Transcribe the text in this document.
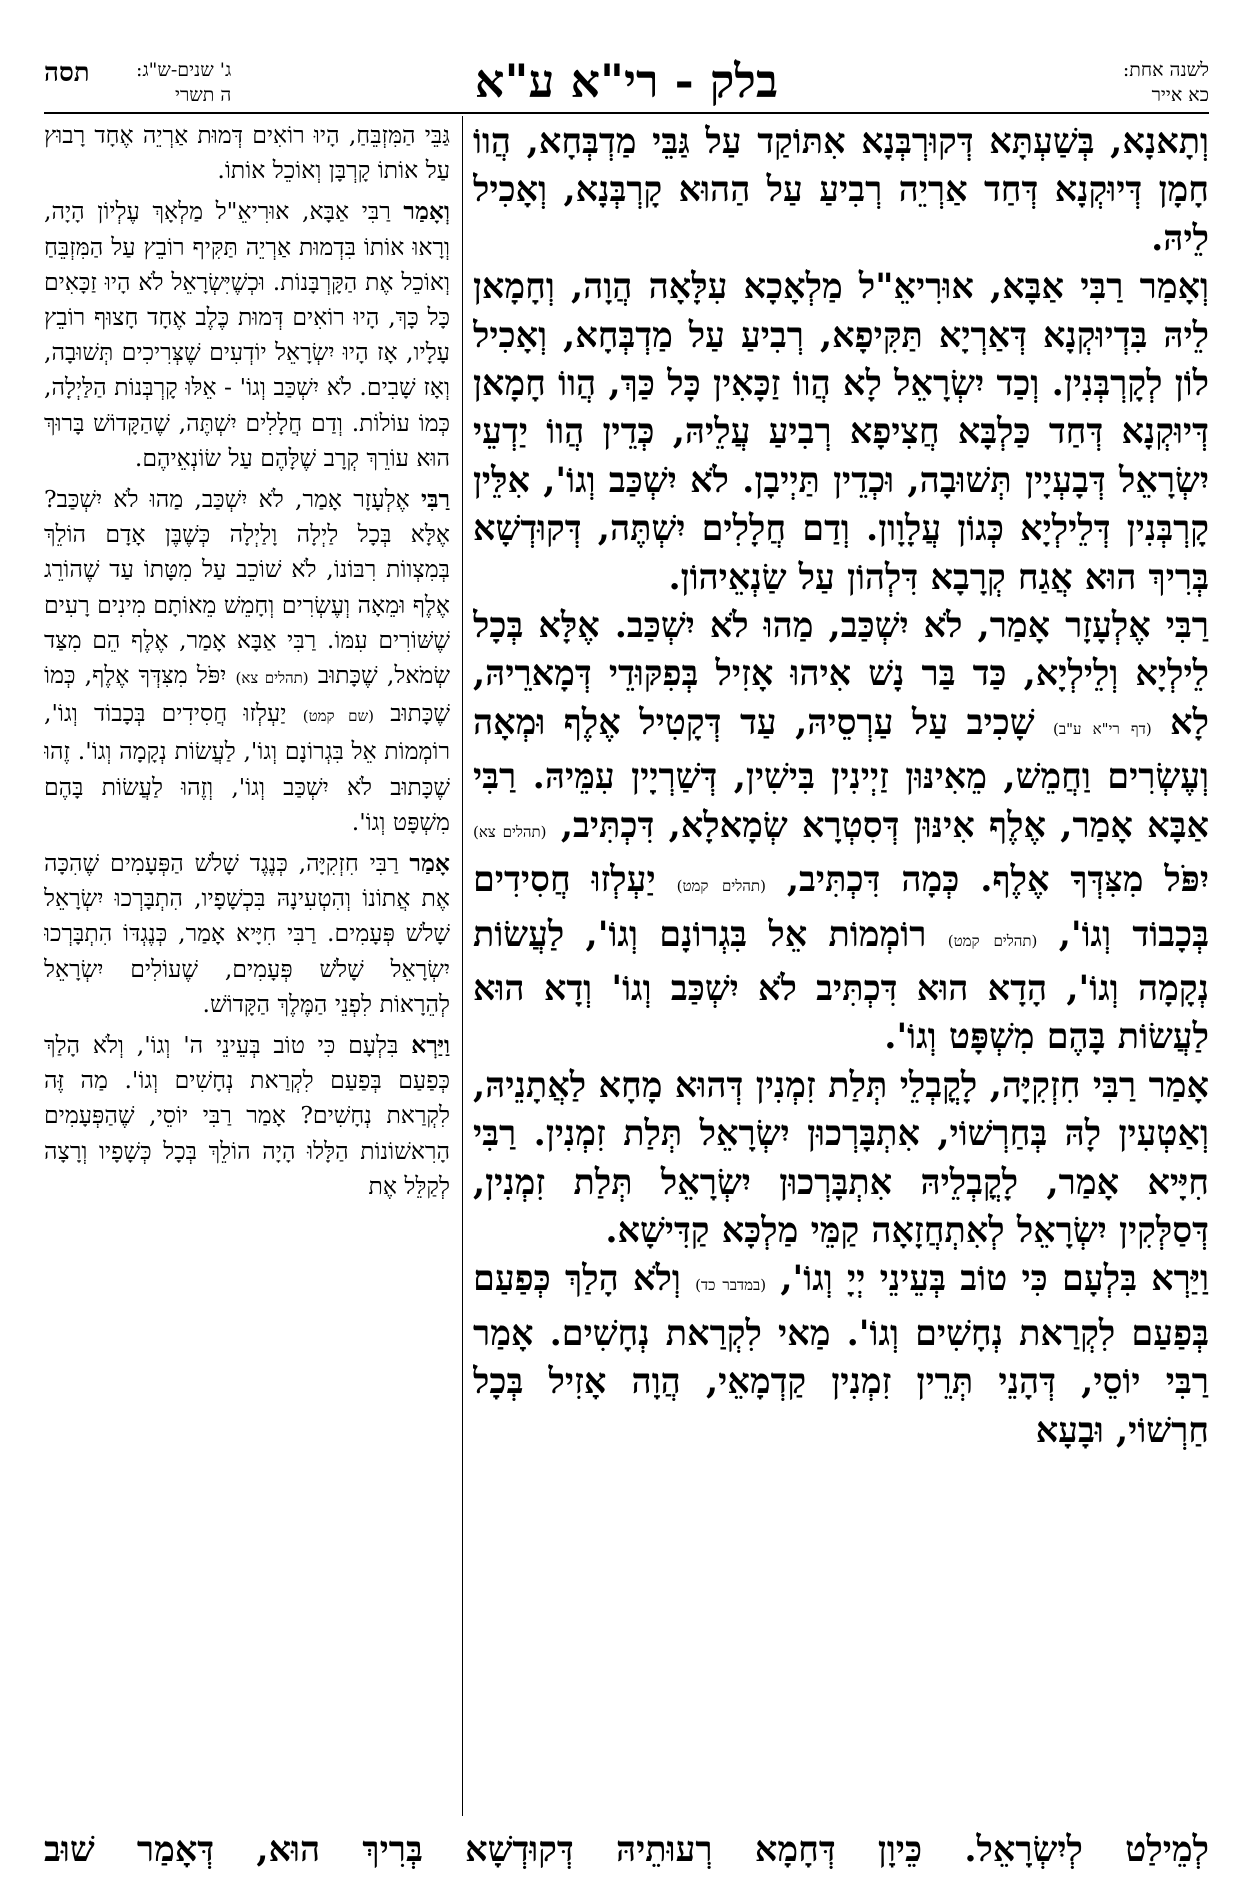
לשנה אחת:
כא אייר
בלק - רי"א ע"א
ג' שנים-ש"ג:
ה תשרי
תסה

וְתָאנָא, בְּשַׁעְתָּא דְּקוּרְבְּנָא אִתּוֹקַד עַל גַּבֵּי מַדְבְּחָא, הֲווֹ חָמָן דְּיוּקְנָא דְּחַד אַרְיֵה רְבִיעַ עַל הַהוּא קָרְבְּנָא, וְאָכִיל לֵיהּ.

וְאָמַר רַבִּי אַבָּא, אוּרִיאֵ"ל מַלְאָכָא עִלָּאָה הֲוָה, וְחָמָאן לֵיהּ בִּדְיוּקְנָא דְּאַרְיָא תַּקִּיפָא, רְבִיעַ עַל מַדְבְּחָא, וְאָכִיל לוֹן לְקָרְבְּנִין. וְכַד יִשְׂרָאֵל לָא הֲווֹ זַכָּאִין כָּל כַּךְ, הֲווֹ חָמָאן דְּיוּקְנָא דְּחַד כַּלְבָּא חֲצִיפָא רְבִיעַ עֲלֵיהּ, כְּדֵין הֲווֹ יַדְעֵי יִשְׂרָאֵל דְּבָעְיָין תְּשׁוּבָה, וּכְדֵין תַּיְיבָן. לֹא יִשְׁכַּב וְגוֹ', אִלֵּין קָרְבְּנִין דְּלֵילְיָא כְּגוֹן עֲלָוָון. וְדַם חֲלָלִים יִשְׁתֶּה, דְּקוּדְשָׁא בְּרִיךְ הוּא אֲגַח קְרָבָא דִּלְהוֹן עַל שַׂנְאֵיהוֹן.

רַבִּי אֶלְעָזָר אָמַר, לֹא יִשְׁכַּב, מַהוּ לֹא יִשְׁכַּב. אֶלָּא בְּכָל לֵילְיָא וְלֵילְיָא, כַּד בַּר נָשׁ אִיהוּ אָזִיל בְּפִקּוּדֵי דְּמָארֵיהּ, לָא (דף רי"א ע"ב) שָׁכִיב עַל עַרְסֵיהּ, עַד דְּקָטִיל אֶלֶף וּמְאָה וְעֶשְׂרִים וַחֲמֵשׁ, מֵאִינּוּן זַיְינִין בִּישִׁין, דְּשַׁרְיָין עִמֵּיהּ. רַבִּי אַבָּא אָמַר, אֶלֶף אִינּוּן דְּסִטְרָא שְׂמָאלָא, דִּכְתִּיב, (תהלים צא) יִפֹּל מִצִּדְּךָ אֶלֶף. כְּמָה דִּכְתִּיב, (תהלים קמט) יַעְלְזוּ חֲסִידִים בְּכָבוֹד וְגוֹ', (תהלים קמט) רוֹמְמוֹת אֵל בִּגְרוֹנָם וְגוֹ', לַעֲשׂוֹת נְקָמָה וְגוֹ', הָדָא הוּא דִּכְתִּיב לֹא יִשְׁכַּב וְגוֹ' וְדָא הוּא לַעֲשׂוֹת בָּהֶם מִשְׁפָּט וְגוֹ'.

אָמַר רַבִּי חִזְקִיָּה, לָקֳבְלֵי תְּלַת זִמְנִין דְּהוּא מָחָא לַאֲתָנֵיהּ, וְאַטְעִין לָהּ בְּחַרְשׁוֹי, אִתְבָּרְכוּן יִשְׂרָאֵל תְּלַת זִמְנִין. רַבִּי חִיָּיא אָמַר, לָקֳבְלֵיהּ אִתְבָּרְכוּן יִשְׂרָאֵל תְּלַת זִמְנִין, דְּסַלְּקִין יִשְׂרָאֵל לְאִתְחֲזָאָה קַמֵּי מַלְכָּא קַדִּישָׁא.

וַיַּרְא בִּלְעָם כִּי טוֹב בְּעֵינֵי יְיָ וְגוֹ', (במדבר כד) וְלֹא הָלַךְ כְּפַעַם בְּפַעַם לִקְרַאת נְחָשִׁים וְגוֹ'. מַאי לִקְרַאת נְחָשִׁים. אָמַר רַבִּי יוֹסֵי, דְּהָנֵי תְּרֵין זִמְנִין קַדְמָאֵי, הֲוָה אָזִיל בְּכָל חַרְשׁוֹי, וּבָעָא

גַּבֵּי הַמִּזְבֵּחַ, הָיוּ רוֹאִים דְּמוּת אַרְיֵה אֶחָד רָבוּץ עַל אוֹתוֹ קָרְבָּן וְאוֹכֵל אוֹתוֹ.

וְאָמַר רַבִּי אַבָּא, אוּרִיאֵ"ל מַלְאָךְ עֶלְיוֹן הָיָה, וְרָאוּ אוֹתוֹ בִּדְמוּת אַרְיֵה תַּקִּיף רוֹבֵץ עַל הַמִּזְבֵּחַ וְאוֹכֵל אֶת הַקָּרְבָּנוֹת. וּכְשֶׁיִּשְׂרָאֵל לֹא הָיוּ זַכָּאִים כָּל כָּךְ, הָיוּ רוֹאִים דְּמוּת כֶּלֶב אֶחָד חָצוּף רוֹבֵץ עָלָיו, אָז הָיוּ יִשְׂרָאֵל יוֹדְעִים שֶׁצְּרִיכִים תְּשׁוּבָה, וְאָז שָׁבִים. לֹא יִשְׁכַּב וְגוֹ' - אֵלּוּ קָרְבְּנוֹת הַלַּיְלָה, כְּמוֹ עוֹלוֹת. וְדַם חֲלָלִים יִשְׁתֶּה, שֶׁהַקָּדוֹשׁ בָּרוּךְ הוּא עוֹרֵךְ קְרָב שֶׁלָּהֶם עַל שׂוֹנְאֵיהֶם.

רַבִּי אֶלְעָזָר אָמַר, לֹא יִשְׁכַּב, מַהוּ לֹא יִשְׁכַּב? אֶלָּא בְּכָל לַיְלָה וָלַיְלָה כְּשֶׁבֶּן אָדָם הוֹלֵךְ בְּמִצְווֹת רִבּוֹנוֹ, לֹא שׁוֹכֵב עַל מִטָּתוֹ עַד שֶׁהוֹרֵג אֶלֶף וּמֵאָה וְעֶשְׂרִים וְחָמֵשׁ מֵאוֹתָם מִינִים רָעִים שֶׁשּׁוֹרִים עִמּוֹ. רַבִּי אַבָּא אָמַר, אֶלֶף הֵם מִצַּד שְׂמֹאל, שֶׁכָּתוּב (תהלים צא) יִפֹּל מִצִּדְּךָ אֶלֶף, כְּמוֹ שֶׁכָּתוּב (שם קמט) יַעְלְזוּ חֲסִידִים בְּכָבוֹד וְגוֹ', רוֹמְמוֹת אֵל בִּגְרוֹנָם וְגוֹ', לַעֲשׂוֹת נְקָמָה וְגוֹ'. זֶהוּ שֶׁכָּתוּב לֹא יִשְׁכַּב וְגוֹ', וְזֶהוּ לַעֲשׂוֹת בָּהֶם מִשְׁפָּט וְגוֹ'.

אָמַר רַבִּי חִזְקִיָּה, כְּנֶגֶד שָׁלֹשׁ הַפְּעָמִים שֶׁהִכָּה אֶת אֲתוֹנוֹ וְהִטְעִינָהּ בִּכְשָׁפָיו, הִתְבָּרְכוּ יִשְׂרָאֵל שָׁלֹשׁ פְּעָמִים. רַבִּי חִיָּיא אָמַר, כְּנֶגְדּוֹ הִתְבָּרְכוּ יִשְׂרָאֵל שָׁלֹשׁ פְּעָמִים, שֶׁעוֹלִים יִשְׂרָאֵל לְהֵרָאוֹת לִפְנֵי הַמֶּלֶךְ הַקָּדוֹשׁ.

וַיַּרְא בִּלְעָם כִּי טוֹב בְּעֵינֵי ה' וְגוֹ', וְלֹא הָלַךְ כְּפַעַם בְּפַעַם לִקְרַאת נְחָשִׁים וְגוֹ'. מַה זֶּה לִקְרַאת נְחָשִׁים? אָמַר רַבִּי יוֹסֵי, שֶׁהַפְּעָמִים הָרִאשׁוֹנוֹת הַלָּלוּ הָיָה הוֹלֵךְ בְּכָל כְּשָׁפָיו וְרָצָה לְקַלֵּל אֶת

לְמֵילַט לְיִשְׂרָאֵל. כֵּיוָן דְּחָמָא רְעוּתֵיהּ דְּקוּדְשָׁא בְּרִיךְ הוּא, דְּאָמַר שׁוּב
